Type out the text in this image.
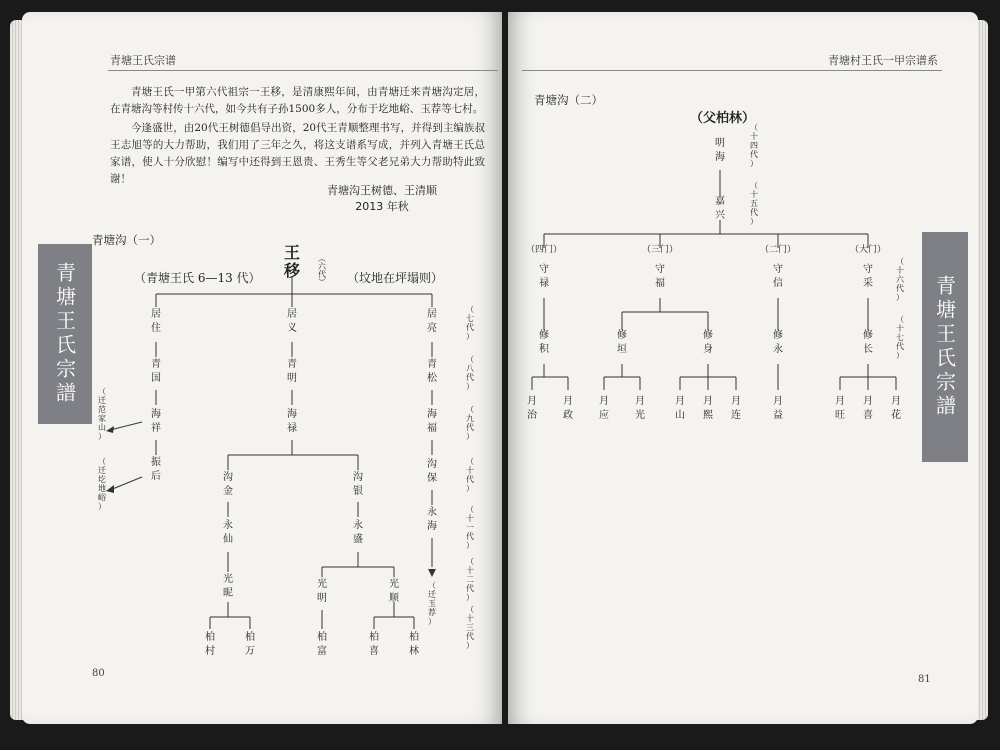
青塘王氏宗谱
青塘王氏一甲第六代祖宗一王移，是清康熙年间，由青塘迁来青塘沟定居，在青塘沟等村传十六代，如今共有子孙1500多人，分布于圪地峪、玉荐等七村。
今逢盛世，由20代王树德倡导出资，20代王青顺整理书写，并得到主编族叔王志旭等的大力帮助，我们用了三年之久，将这支谱系写成，并列入青塘王氏总家谱，使人十分欣慰！编写中还得到王恩贵、王秀生等父老兄弟大力帮助特此致谢！
青塘沟王树德、王清顺
2013 年秋
青塘沟（一）
青塘王氏宗譜
80
王
移 （六代）
（青塘王氏 6—13 代）	（坟地在坪塌则）
居
住
青
国
海
祥
振
后
居
义
青
明
海
禄
居
亮
青
松
海
福
沟
保
永
海
沟
金
永
仙
光
昵
柏
村
柏
万
沟
银
永
盛
光
明
光
顺
柏
富
柏
喜
柏
林
（
迁
范
家
山
）
（
迁
圪
地
峪
）
（
迁
玉
荐
）
（
七
代
）
（
八
代
）
（
九
代
）
（
十
代
）
（
十
一
代
）
（
十
二
代
）
（
十
三
代
）
青塘村王氏一甲宗谱系
青塘沟（二）
（父柏林）
青塘王氏宗譜
81
明
海
嘉
兴
（四门）
守
禄
修
积
月
治
月
政
（三门）
守
福
修
垣
修
身
月
应
月
光
月
山
月
熙
月
连
（二门）
守
信
修
永
月
益
（大门）
守
采
修
长
月
旺
月
喜
月
花
（
十
四
代
）
（
十
五
代
）
（
十
六
代
）
（
十
七
代
）
